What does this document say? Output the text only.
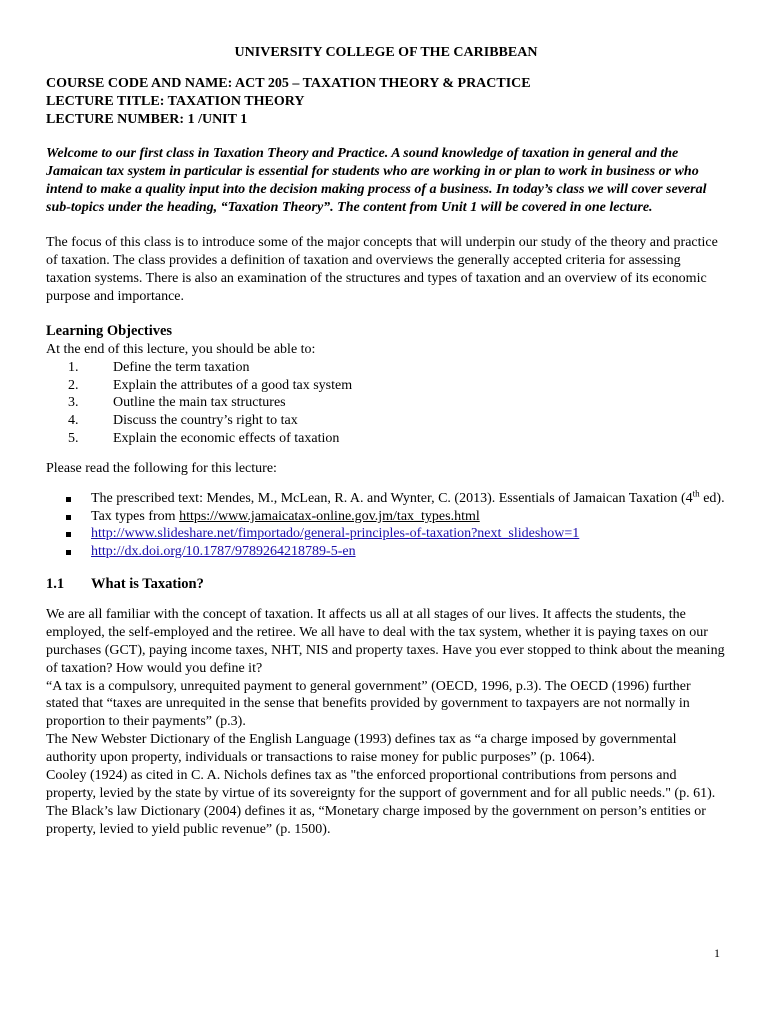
UNIVERSITY COLLEGE OF THE CARIBBEAN
COURSE CODE AND NAME: ACT 205 – TAXATION THEORY & PRACTICE
LECTURE TITLE: TAXATION THEORY
LECTURE NUMBER: 1 /UNIT 1

Welcome to our first class in Taxation Theory and Practice. A sound knowledge of taxation in general and the Jamaican tax system in particular is essential for students who are working in or plan to work in business or who intend to make a quality input into the decision making process of a business. In today’s class we will cover several sub-topics under the heading, “Taxation Theory”. The content from Unit 1 will be covered in one lecture.

The focus of this class is to introduce some of the major concepts that will underpin our study of the theory and practice of taxation. The class provides a definition of taxation and overviews the generally accepted criteria for assessing taxation systems. There is also an examination of the structures and types of taxation and an overview of its economic purpose and importance.

Learning Objectives
At the end of this lecture, you should be able to:
1.	Define the term taxation
2.	Explain the attributes of a good tax system
3.	Outline the main tax structures
4.	Discuss the country’s right to tax
5.	Explain the economic effects of taxation
Please read the following for this lecture:
The prescribed text: Mendes, M., McLean, R. A. and Wynter, C. (2013). Essentials of Jamaican Taxation (4th ed).
Tax types from https://www.jamaicatax-online.gov.jm/tax_types.html
http://www.slideshare.net/fimportado/general-principles-of-taxation?next_slideshow=1
http://dx.doi.org/10.1787/9789264218789-5-en
1.1	What is Taxation?

We are all familiar with the concept of taxation. It affects us all at all stages of our lives. It affects the students, the employed, the self-employed and the retiree. We all have to deal with the tax system, whether it is paying taxes on our purchases (GCT), paying income taxes, NHT, NIS and property taxes. Have you ever stopped to think about the meaning of taxation? How would you define it?

“A tax is a compulsory, unrequited payment to general government” (OECD, 1996, p.3). The OECD (1996) further stated that “taxes are unrequited in the sense that benefits provided by government to taxpayers are not normally in proportion to their payments” (p.3).

The New Webster Dictionary of the English Language (1993) defines tax as “a charge imposed by governmental authority upon property, individuals or transactions to raise money for public purposes” (p. 1064).

Cooley (1924) as cited in C. A. Nichols defines tax as "the enforced proportional contributions from persons and property, levied by the state by virtue of its sovereignty for the support of government and for all public needs." (p. 61).

The Black’s law Dictionary (2004) defines it as, “Monetary charge imposed by the government on person’s entities or property, levied to yield public revenue” (p. 1500).

1
